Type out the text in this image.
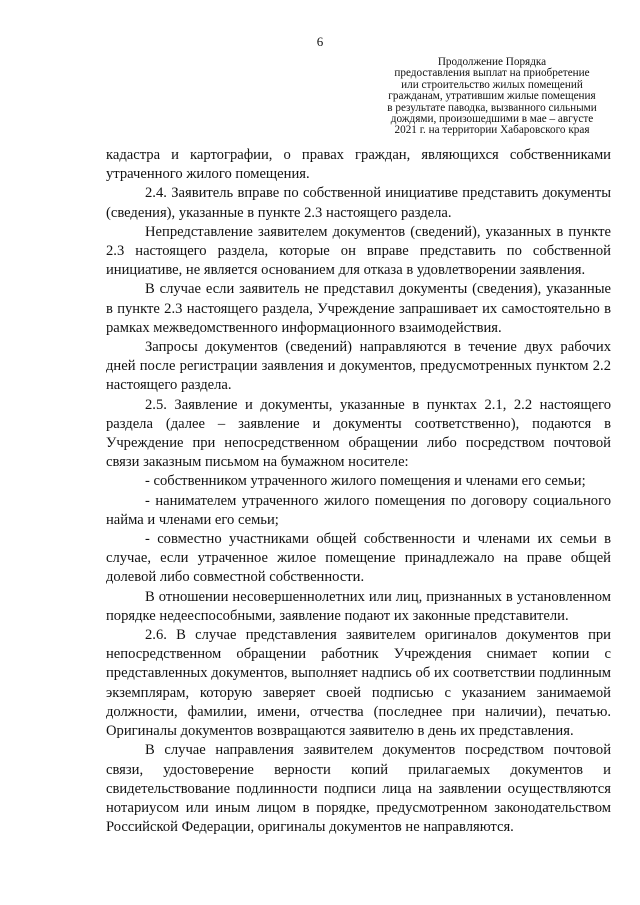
6
Продолжение Порядка
предоставления выплат на приобретение
или строительство жилых помещений
гражданам, утратившим жилые помещения
в результате паводка, вызванного сильными
дождями, произошедшими в мае – августе
2021 г. на территории Хабаровского края

кадастра и картографии, о правах граждан, являющихся собственниками утраченного жилого помещения.

2.4. Заявитель вправе по собственной инициативе представить документы (сведения), указанные в пункте 2.3 настоящего раздела.

Непредставление заявителем документов (сведений), указанных в пункте 2.3 настоящего раздела, которые он вправе представить по собственной инициативе, не является основанием для отказа в удовлетворении заявления.

В случае если заявитель не представил документы (сведения), указанные в пункте 2.3 настоящего раздела, Учреждение запрашивает их самостоятельно в рамках межведомственного информационного взаимодействия.

Запросы документов (сведений) направляются в течение двух рабочих дней после регистрации заявления и документов, предусмотренных пунктом 2.2 настоящего раздела.

2.5. Заявление и документы, указанные в пунктах 2.1, 2.2 настоящего раздела (далее – заявление и документы соответственно), подаются в Учреждение при непосредственном обращении либо посредством почтовой связи заказным письмом на бумажном носителе:

- собственником утраченного жилого помещения и членами его семьи;

- нанимателем утраченного жилого помещения по договору социального найма и членами его семьи;

- совместно участниками общей собственности и членами их семьи в случае, если утраченное жилое помещение принадлежало на праве общей долевой либо совместной собственности.

В отношении несовершеннолетних или лиц, признанных в установленном порядке недееспособными, заявление подают их законные представители.

2.6. В случае представления заявителем оригиналов документов при непосредственном обращении работник Учреждения снимает копии с представленных документов, выполняет надпись об их соответствии подлинным экземплярам, которую заверяет своей подписью с указанием занимаемой должности, фамилии, имени, отчества (последнее при наличии), печатью. Оригиналы документов возвращаются заявителю в день их представления.

В случае направления заявителем документов посредством почтовой связи, удостоверение верности копий прилагаемых документов и свидетельствование подлинности подписи лица на заявлении осуществляются нотариусом или иным лицом в порядке, предусмотренном законодательством Российской Федерации, оригиналы документов не направляются.
